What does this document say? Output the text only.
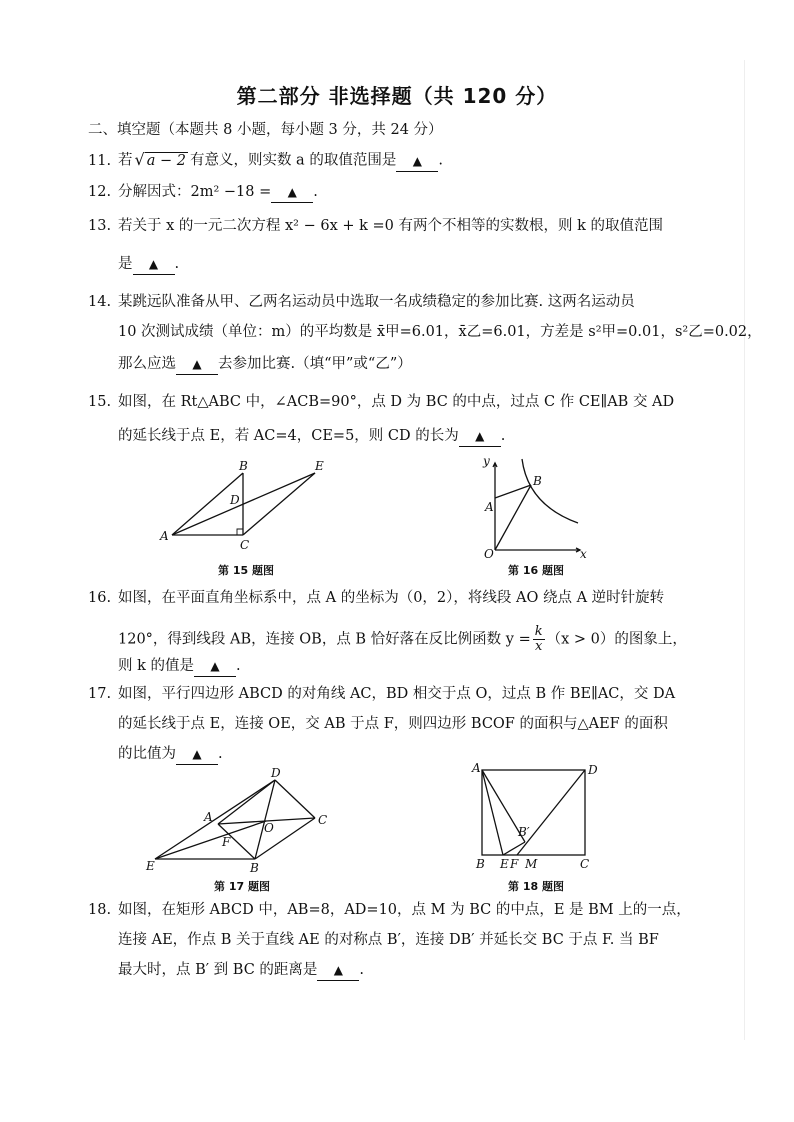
第二部分 非选择题（共 120 分）
二、填空题（本题共 8 小题，每小题 3 分，共 24 分）
11. 若 √ a − 2 有意义，则实数 a 的取值范围是 ▲ .
12. 分解因式：2m² −18 = ▲ .
13. 若关于 x 的一元二次方程 x² − 6x + k =0 有两个不相等的实数根，则 k 的取值范围
是 ▲ .
14. 某跳远队准备从甲、乙两名运动员中选取一名成绩稳定的参加比赛. 这两名运动员
10 次测试成绩（单位：m）的平均数是 x̄甲=6.01，x̄乙=6.01，方差是 s²甲=0.01，s²乙=0.02，
那么应选 ▲ 去参加比赛.（填“甲”或“乙”）
15. 如图，在 Rt△ABC 中，∠ACB=90°，点 D 为 BC 的中点，过点 C 作 CE∥AB 交 AD
的延长线于点 E，若 AC=4，CE=5，则 CD 的长为 ▲ .
B	E
D
A
C
第 15 题图
y
x
O
A
B
第 16 题图
16. 如图，在平面直角坐标系中，点 A 的坐标为（0，2），将线段 AO 绕点 A 逆时针旋转
120°，得到线段 AB，连接 OB，点 B 恰好落在反比例函数 $y = \frac{k}{x} (x > 0)$的图象上，
则 k 的值是 ▲ .
17. 如图，平行四边形 ABCD 的对角线 AC，BD 相交于点 O，过点 B 作 BE∥AC，交 DA
的延长线于点 E，连接 OE，交 AB 于点 F，则四边形 BCOF 的面积与△AEF 的面积
的比值为 ▲ .
D
A
O
C
F
E	B
第 17 题图
A	D
B′
B E F M	C
第 18 题图
18. 如图，在矩形 ABCD 中，AB=8，AD=10，点 M 为 BC 的中点，E 是 BM 上的一点，
连接 AE，作点 B 关于直线 AE 的对称点 B′，连接 DB′ 并延长交 BC 于点 F. 当 BF
最大时，点 B′ 到 BC 的距离是 ▲ .
